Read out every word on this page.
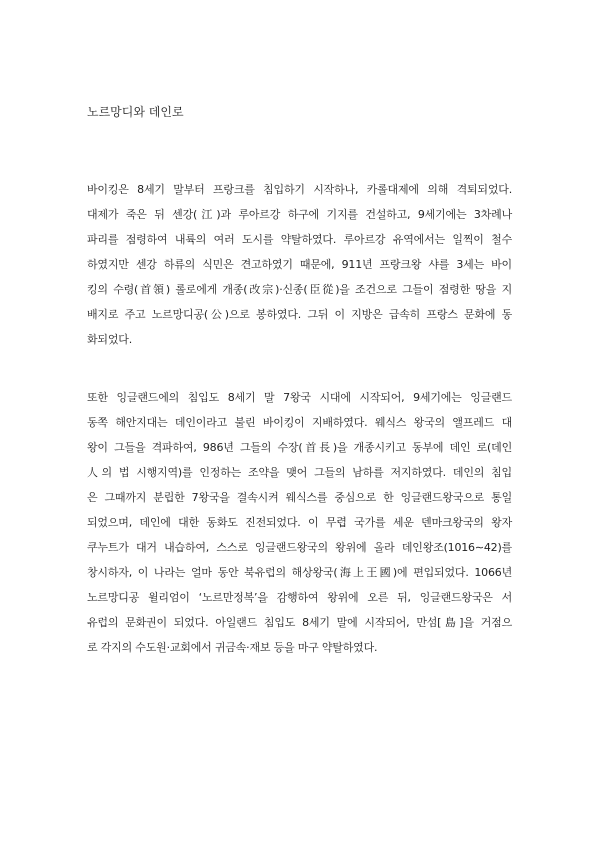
노르망디와 데인로
바이킹은 8세기 말부터 프랑크를 침입하기 시작하나, 카롤대제에 의해 격퇴되었다.
대제가 죽은 뒤 센강(江)과 루아르강 하구에 기지를 건설하고, 9세기에는 3차례나
파리를 점령하여 내륙의 여러 도시를 약탈하였다. 루아르강 유역에서는 일찍이 철수
하였지만 센강 하류의 식민은 견고하였기 때문에, 911년 프랑크왕 샤를 3세는 바이
킹의 수령(首領) 롤로에게 개종(改宗)·신종(臣從)을 조건으로 그들이 점령한 땅을 지
배지로 주고 노르망디공(公)으로 봉하였다. 그뒤 이 지방은 급속히 프랑스 문화에 동
화되었다.
또한 잉글랜드에의 침입도 8세기 말 7왕국 시대에 시작되어, 9세기에는 잉글랜드
동쪽 해안지대는 데인이라고 불린 바이킹이 지배하였다. 웨식스 왕국의 앨프레드 대
왕이 그들을 격파하여, 986년 그들의 수장(首長)을 개종시키고 동부에 데인 로(데인
人의 법 시행지역)를 인정하는 조약을 맺어 그들의 남하를 저지하였다. 데인의 침입
은 그때까지 분립한 7왕국을 결속시켜 웨식스를 중심으로 한 잉글랜드왕국으로 통일
되었으며, 데인에 대한 동화도 진전되었다. 이 무렵 국가를 세운 덴마크왕국의 왕자
쿠누트가 대거 내습하여, 스스로 잉글랜드왕국의 왕위에 올라 데인왕조(1016∼42)를
창시하자, 이 나라는 얼마 동안 북유럽의 해상왕국(海上王國)에 편입되었다. 1066년
노르망디공 윌리엄이 ‘노르만정복’을 감행하여 왕위에 오른 뒤, 잉글랜드왕국은 서
유럽의 문화권이 되었다. 아일랜드 침입도 8세기 말에 시작되어, 만섬[島]을 거점으
로 각지의 수도원·교회에서 귀금속·재보 등을 마구 약탈하였다.
